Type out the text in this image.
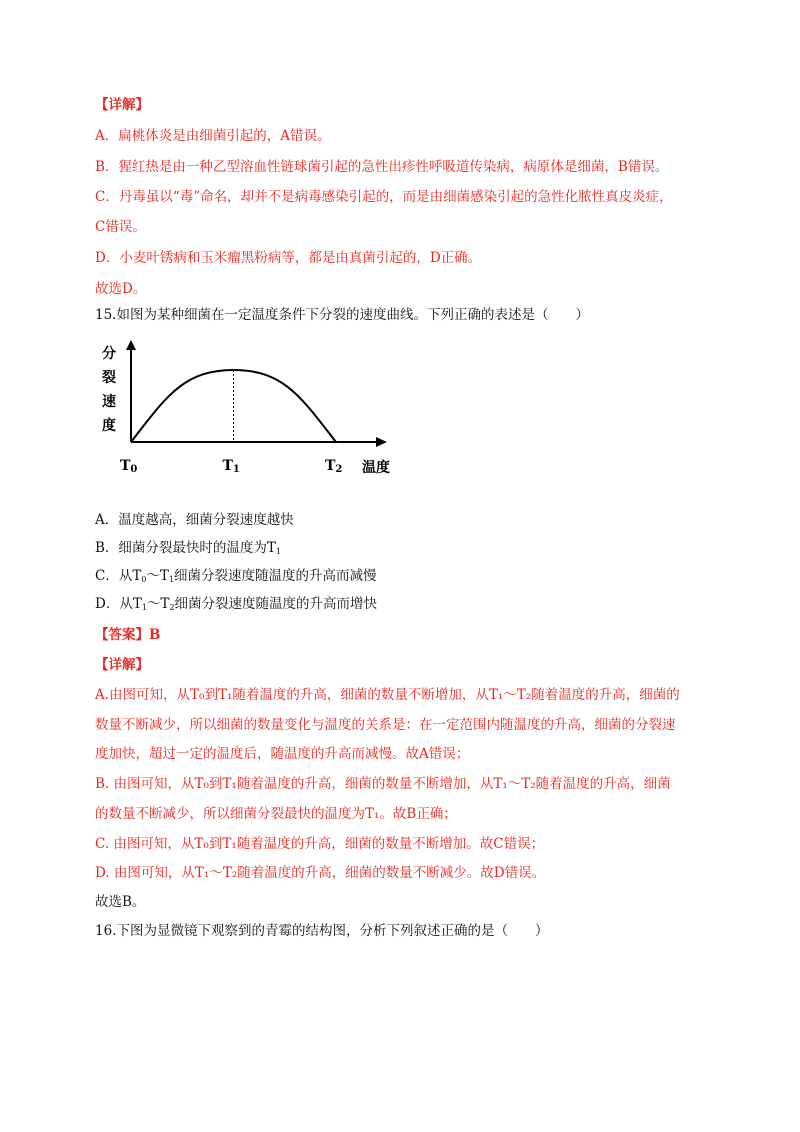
【详解】
A．扁桃体炎是由细菌引起的，A错误。
B．猩红热是由一种乙型溶血性链球菌引起的急性出疹性呼吸道传染病，病原体是细菌，B错误。
C．丹毒虽以“毒”命名，却并不是病毒感染引起的，而是由细菌感染引起的急性化脓性真皮炎症，
C错误。
D．小麦叶锈病和玉米瘤黑粉病等，都是由真菌引起的，D正确。
故选D。
15.如图为某种细菌在一定温度条件下分裂的速度曲线。下列正确的表述是（　　）
分
裂
速
度
T0	T1	T2 温度
A．温度越高，细菌分裂速度越快
B．细菌分裂最快时的温度为$T_1$
C．从$T_0\sim T_1$细菌分裂速度随温度的升高而减慢
D．从$T_1\sim T_2$细菌分裂速度随温度的升高而增快
【答案】B
【详解】
A.由图可知，从T₀到T₁随着温度的升高，细菌的数量不断增加，从T₁～T₂随着温度的升高，细菌的
数量不断减少，所以细菌的数量变化与温度的关系是：在一定范围内随温度的升高，细菌的分裂速
度加快，超过一定的温度后，随温度的升高而减慢。故A错误；
B. 由图可知，从T₀到T₁随着温度的升高，细菌的数量不断增加，从T₁～T₂随着温度的升高，细菌
的数量不断减少，所以细菌分裂最快的温度为T₁。故B正确；
C. 由图可知，从T₀到T₁随着温度的升高，细菌的数量不断增加。故C错误；
D. 由图可知，从T₁～T₂随着温度的升高，细菌的数量不断减少。故D错误。
故选B。
16.下图为显微镜下观察到的青霉的结构图，分析下列叙述正确的是（　　）
